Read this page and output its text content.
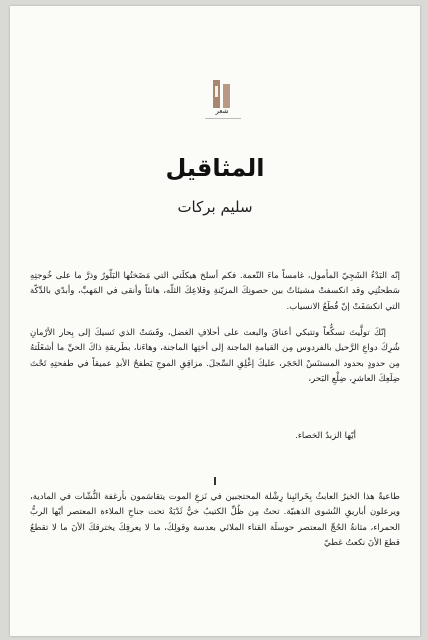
شعر
المثاقيل
سليم بركات
إنّه البَدْءُ الشَجِيّ المأمول، غامساً ماءَ النّعمة. فكم أسلخ هيكلَتي التي مَضَختُها البَلّورُ وذرَّ ما على خُوجتِهِ سَطحتُنِي وقد انكسفتْ مشيئاتٌ بين حصونِكَ المزيّنةِ وقلاعِكَ الثلّه، هانئاً وأنقى في المَهبِّ، وأبدّي بالدِّكّة التي انكسَفَتْ إنّ قُطَعُ الانسياب.
إنّكَ تولَّيتَ تسكُّعاً وتتبكي أعناقَ والبعث على أحلافِ الغضل، وقَسَتْ الذي تَسيكَ إلى بِحار الأرْمانِ شُرِكَ دواعِ الرَّحيل بالفردوس مِن القيامةِ الماجنة إلى أختِها الماجنة، وهاءَنا، بطَريقةِ ذاكَ الحيِّ ما أشغَلَتهُ مِن حدودٍ بحدود المستنَسْ الحَجَر، عليكَ إغْلِقِ السِّجلَ. مزاقِقِ الموجِ يَطفحُ الأبدِ عميقاً في طفحتِهِ تَحْتَ ضِلَعِكَ العاشرِ، ضِلْعِ البَحر،
أيّها الزبدُ الخصاء.
طاعيةٌ هذا الخيرُ العابثُ بِخَرائبِنا رِشْلة المحتجبين في نَزعِ الموت يتقاسَمون بأرغفة النُّشّات في المادية، ويرعلون أباريقِ النُشوى الذهبيّة. تحتٌ مِن ظُلِّ الكتيبُ خيٌّ ثَدْيَةٌ تحت جناحِ الملاءة المعتصر أيّها الربُّ الحمراء، مثانةُ الحُجِّ المعتصر حوسلَة القناء الملائي بعدسة وقولِكَ، ما لا يعرفِكَ يخترقكَ الأنَ ما لا تقطعُ قطعَ الأنَ نكعتُ غطيّ
